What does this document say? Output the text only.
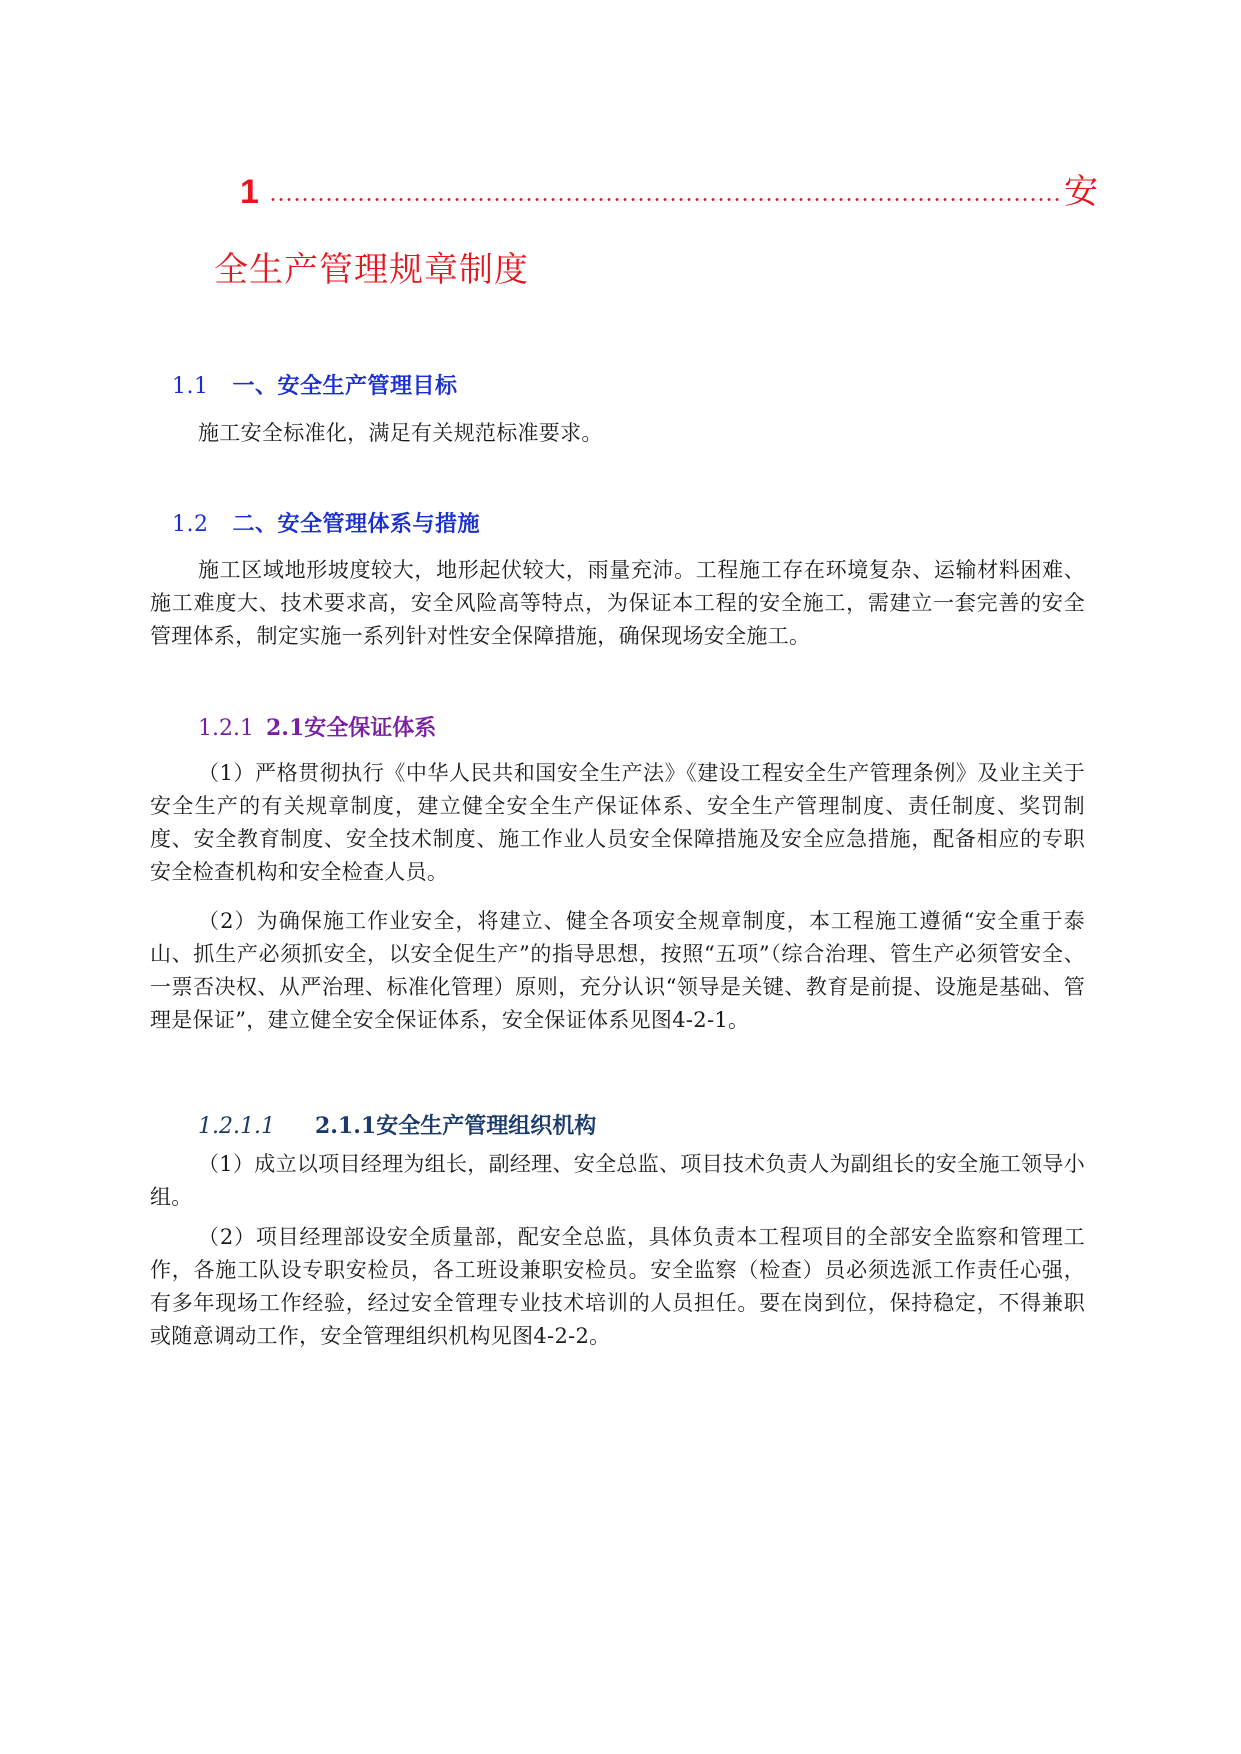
1	安
全生产管理规章制度
1.1 一、安全生产管理目标

施工安全标准化，满足有关规范标准要求。

1.2 二、安全管理体系与措施

施工区域地形坡度较大，地形起伏较大，雨量充沛。工程施工存在环境复杂、运输材料困难、施工难度大、技术要求高，安全风险高等特点，为保证本工程的安全施工，需建立一套完善的安全管理体系，制定实施一系列针对性安全保障措施，确保现场安全施工。

1.2.1 2.1安全保证体系

（1）严格贯彻执行《中华人民共和国安全生产法》《建设工程安全生产管理条例》及业主关于安全生产的有关规章制度，建立健全安全生产保证体系、安全生产管理制度、责任制度、奖罚制度、安全教育制度、安全技术制度、施工作业人员安全保障措施及安全应急措施，配备相应的专职安全检查机构和安全检查人员。

（2）为确保施工作业安全，将建立、健全各项安全规章制度，本工程施工遵循“安全重于泰山、抓生产必须抓安全，以安全促生产”的指导思想，按照“五项”（综合治理、管生产必须管安全、一票否决权、从严治理、标准化管理）原则，充分认识“领导是关键、教育是前提、设施是基础、管理是保证”，建立健全安全保证体系，安全保证体系见图4-2-1。

1.2.1.1 2.1.1安全生产管理组织机构

（1）成立以项目经理为组长，副经理、安全总监、项目技术负责人为副组长的安全施工领导小组。

（2）项目经理部设安全质量部，配安全总监，具体负责本工程项目的全部安全监察和管理工作，各施工队设专职安检员，各工班设兼职安检员。安全监察（检查）员必须选派工作责任心强，有多年现场工作经验，经过安全管理专业技术培训的人员担任。要在岗到位，保持稳定，不得兼职或随意调动工作，安全管理组织机构见图4-2-2。
